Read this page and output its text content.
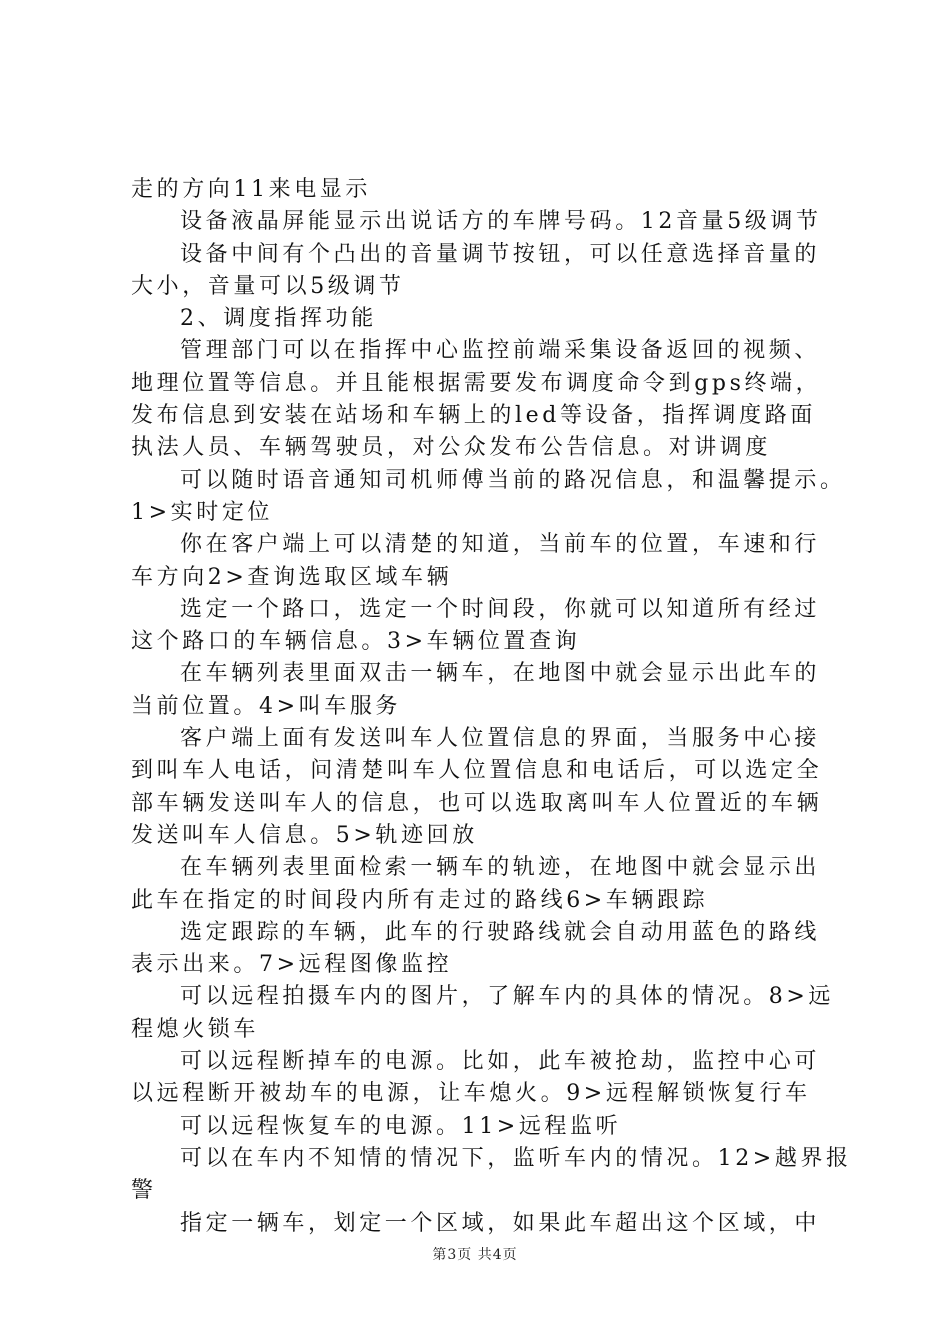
走的方向11来电显示
设备液晶屏能显示出说话方的车牌号码。12音量5级调节
设备中间有个凸出的音量调节按钮，可以任意选择音量的
大小，音量可以5级调节
2、调度指挥功能
管理部门可以在指挥中心监控前端采集设备返回的视频、
地理位置等信息。并且能根据需要发布调度命令到gps终端，
发布信息到安装在站场和车辆上的led等设备，指挥调度路面
执法人员、车辆驾驶员，对公众发布公告信息。对讲调度
可以随时语音通知司机师傅当前的路况信息，和温馨提示。
1>实时定位
你在客户端上可以清楚的知道，当前车的位置，车速和行
车方向2>查询选取区域车辆
选定一个路口，选定一个时间段，你就可以知道所有经过
这个路口的车辆信息。3>车辆位置查询
在车辆列表里面双击一辆车，在地图中就会显示出此车的
当前位置。4>叫车服务
客户端上面有发送叫车人位置信息的界面，当服务中心接
到叫车人电话，问清楚叫车人位置信息和电话后，可以选定全
部车辆发送叫车人的信息，也可以选取离叫车人位置近的车辆
发送叫车人信息。5>轨迹回放
在车辆列表里面检索一辆车的轨迹，在地图中就会显示出
此车在指定的时间段内所有走过的路线6>车辆跟踪
选定跟踪的车辆，此车的行驶路线就会自动用蓝色的路线
表示出来。7>远程图像监控
可以远程拍摄车内的图片，了解车内的具体的情况。8>远
程熄火锁车
可以远程断掉车的电源。比如，此车被抢劫，监控中心可
以远程断开被劫车的电源，让车熄火。9>远程解锁恢复行车
可以远程恢复车的电源。11>远程监听
可以在车内不知情的情况下，监听车内的情况。12>越界报
警
指定一辆车，划定一个区域，如果此车超出这个区域，中
第3页 共4页
